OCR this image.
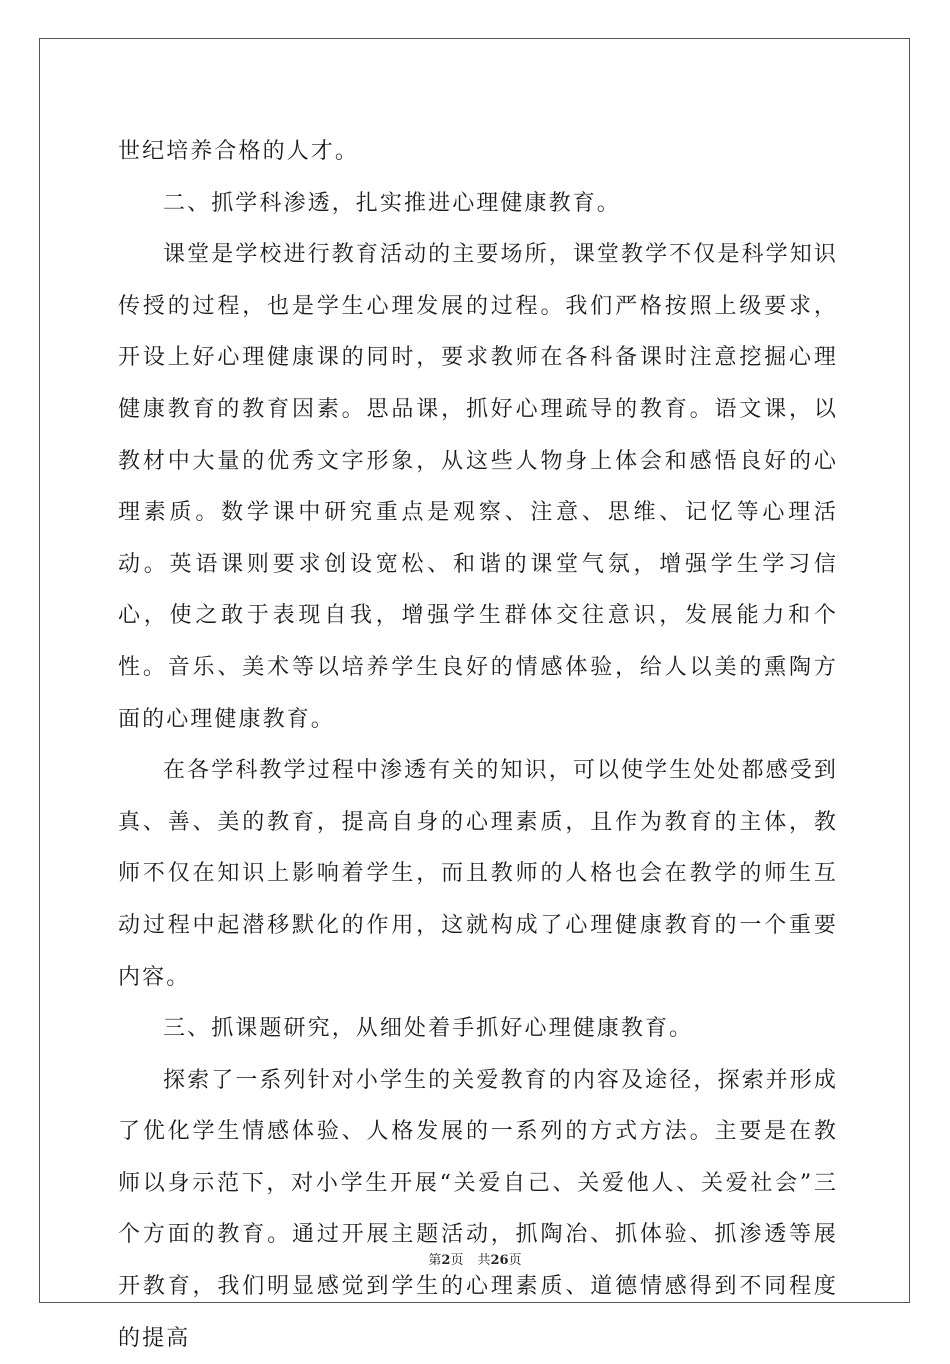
世纪培养合格的人才。

二、抓学科渗透，扎实推进心理健康教育。

课堂是学校进行教育活动的主要场所，课堂教学不仅是科学知识传授的过程，也是学生心理发展的过程。我们严格按照上级要求，开设上好心理健康课的同时，要求教师在各科备课时注意挖掘心理健康教育的教育因素。思品课，抓好心理疏导的教育。语文课，以教材中大量的优秀文字形象，从这些人物身上体会和感悟良好的心理素质。数学课中研究重点是观察、注意、思维、记忆等心理活动。英语课则要求创设宽松、和谐的课堂气氛，增强学生学习信心，使之敢于表现自我，增强学生群体交往意识，发展能力和个性。音乐、美术等以培养学生良好的情感体验，给人以美的熏陶方面的心理健康教育。

在各学科教学过程中渗透有关的知识，可以使学生处处都感受到真、善、美的教育，提高自身的心理素质，且作为教育的主体，教师不仅在知识上影响着学生，而且教师的人格也会在教学的师生互动过程中起潜移默化的作用，这就构成了心理健康教育的一个重要内容。

三、抓课题研究，从细处着手抓好心理健康教育。

探索了一系列针对小学生的关爱教育的内容及途径，探索并形成了优化学生情感体验、人格发展的一系列的方式方法。主要是在教师以身示范下，对小学生开展“关爱自己、关爱他人、关爱社会”三个方面的教育。通过开展主题活动，抓陶冶、抓体验、抓渗透等展开教育，我们明显感觉到学生的心理素质、道德情感得到不同程度的提高

第2页 共26页
